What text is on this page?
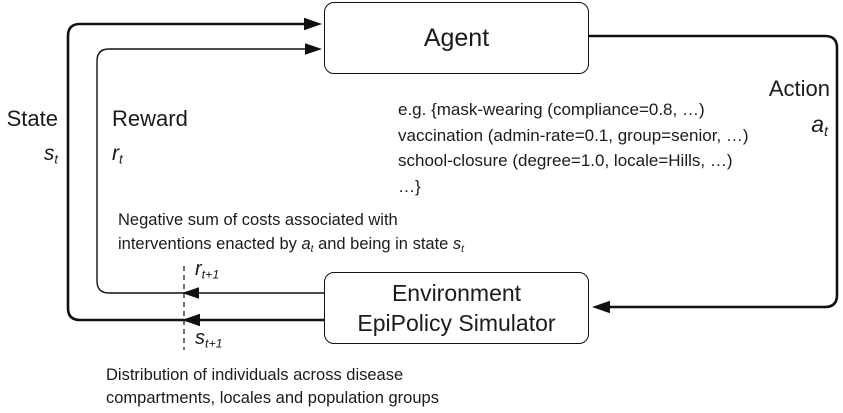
Agent
Environment
EpiPolicy Simulator
State
$s_t$
Reward
$r_t$
Action
$a_t$
$r_{t+1}$
$s_{t+1}$
e.g. {mask-wearing (compliance=0.8, …)
vaccination (admin-rate=0.1, group=senior, …)
school-closure (degree=1.0, locale=Hills, …)
…}
Negative sum of costs associated with
interventions enacted by $a_t$ and being in state $s_t$
Distribution of individuals across disease
compartments, locales and population groups
